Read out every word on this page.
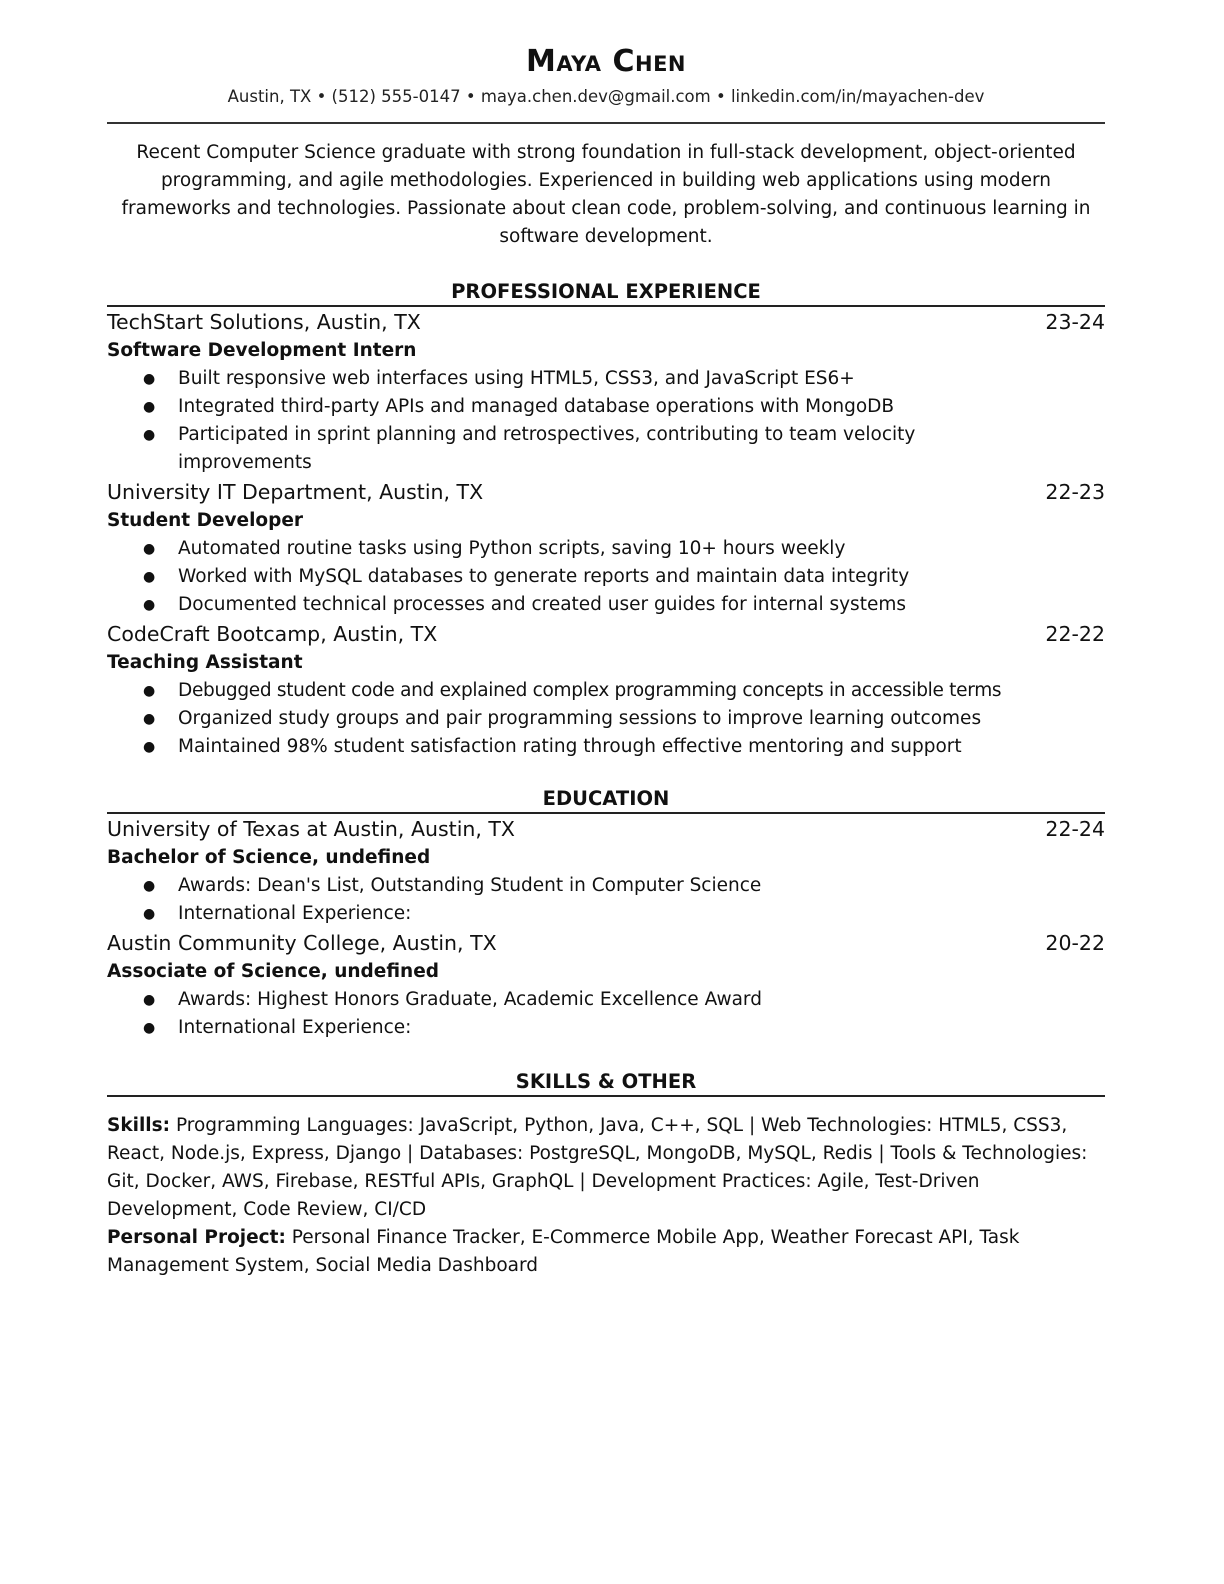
Maya Chen
Austin, TX • (512) 555-0147 • maya.chen.dev@gmail.com • linkedin.com/in/mayachen-dev
Recent Computer Science graduate with strong foundation in full-stack development, object-oriented programming, and agile methodologies. Experienced in building web applications using modern frameworks and technologies. Passionate about clean code, problem-solving, and continuous learning in software development.
PROFESSIONAL EXPERIENCE
TechStart Solutions, Austin, TX	23-24
Software Development Intern
● Built responsive web interfaces using HTML5, CSS3, and JavaScript ES6+
● Integrated third-party APIs and managed database operations with MongoDB
● Participated in sprint planning and retrospectives, contributing to team velocity improvements
University IT Department, Austin, TX	22-23
Student Developer
● Automated routine tasks using Python scripts, saving 10+ hours weekly
● Worked with MySQL databases to generate reports and maintain data integrity
● Documented technical processes and created user guides for internal systems
CodeCraft Bootcamp, Austin, TX	22-22
Teaching Assistant
● Debugged student code and explained complex programming concepts in accessible terms
● Organized study groups and pair programming sessions to improve learning outcomes
● Maintained 98% student satisfaction rating through effective mentoring and support
EDUCATION
University of Texas at Austin, Austin, TX	22-24
Bachelor of Science, undefined
● Awards: Dean's List, Outstanding Student in Computer Science
● International Experience:
Austin Community College, Austin, TX	20-22
Associate of Science, undefined
● Awards: Highest Honors Graduate, Academic Excellence Award
● International Experience:
SKILLS & OTHER
Skills: Programming Languages: JavaScript, Python, Java, C++, SQL | Web Technologies: HTML5, CSS3, React, Node.js, Express, Django | Databases: PostgreSQL, MongoDB, MySQL, Redis | Tools & Technologies: Git, Docker, AWS, Firebase, RESTful APIs, GraphQL | Development Practices: Agile, Test-Driven Development, Code Review, CI/CD
Personal Project: Personal Finance Tracker, E-Commerce Mobile App, Weather Forecast API, Task Management System, Social Media Dashboard
